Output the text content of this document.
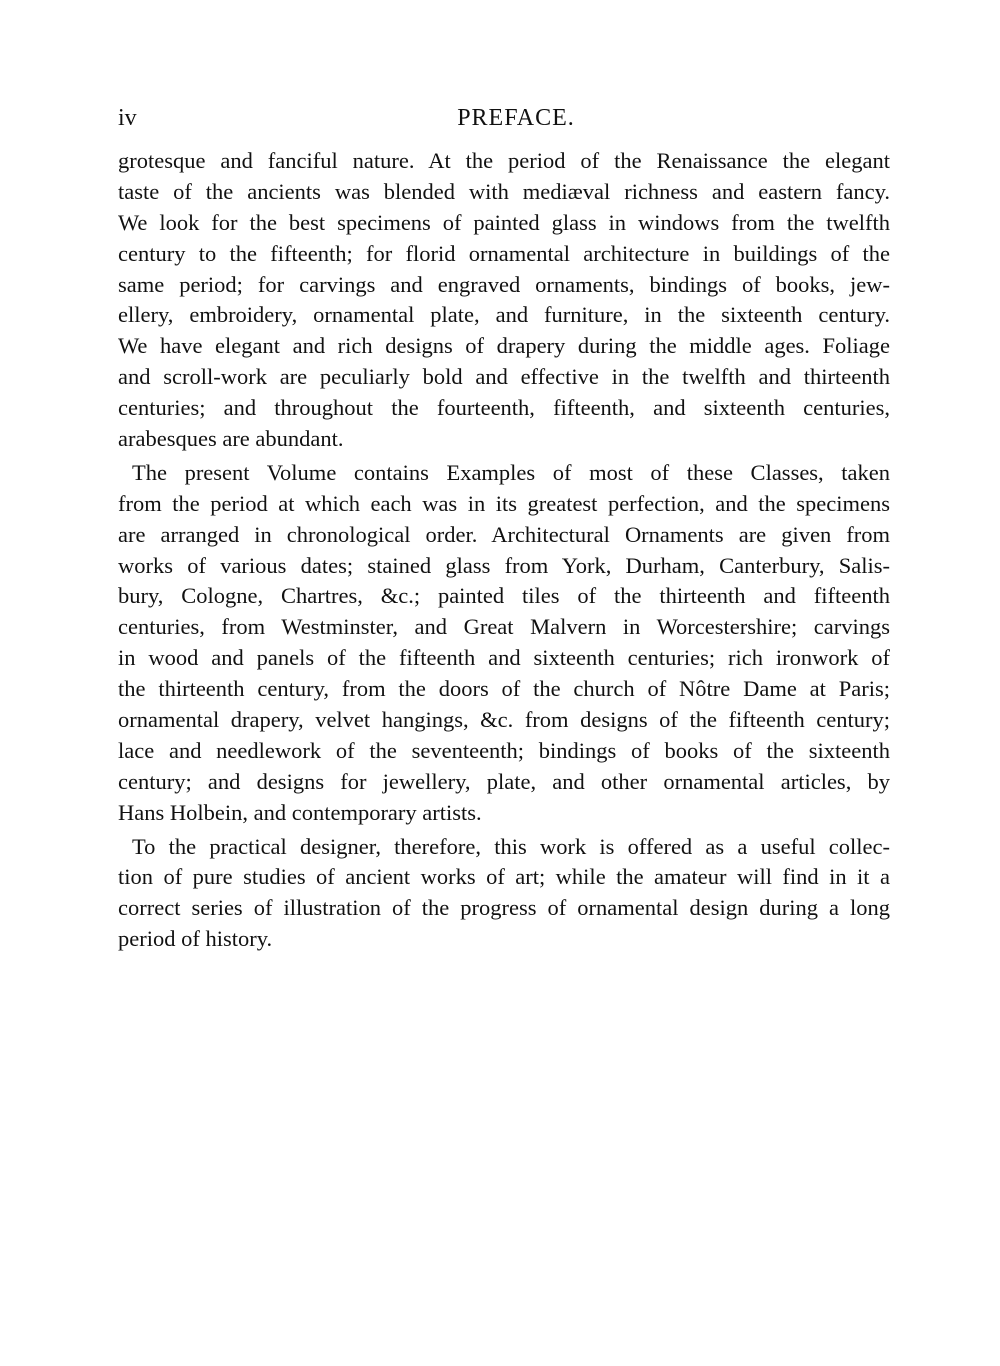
iv	PREFACE.

grotesque and fanciful nature. At the period of the Renaissance the elegant
taste of the ancients was blended with mediæval richness and eastern fancy.
We look for the best specimens of painted glass in windows from the twelfth
century to the fifteenth; for florid ornamental architecture in buildings of the
same period; for carvings and engraved ornaments, bindings of books, jew-
ellery, embroidery, ornamental plate, and furniture, in the sixteenth century.
We have elegant and rich designs of drapery during the middle ages. Foliage
and scroll-work are peculiarly bold and effective in the twelfth and thirteenth
centuries; and throughout the fourteenth, fifteenth, and sixteenth centuries,
arabesques are abundant.

The present Volume contains Examples of most of these Classes, taken
from the period at which each was in its greatest perfection, and the specimens
are arranged in chronological order. Architectural Ornaments are given from
works of various dates; stained glass from York, Durham, Canterbury, Salis-
bury, Cologne, Chartres, &c.; painted tiles of the thirteenth and fifteenth
centuries, from Westminster, and Great Malvern in Worcestershire; carvings
in wood and panels of the fifteenth and sixteenth centuries; rich ironwork of
the thirteenth century, from the doors of the church of Nôtre Dame at Paris;
ornamental drapery, velvet hangings, &c. from designs of the fifteenth century;
lace and needlework of the seventeenth; bindings of books of the sixteenth
century; and designs for jewellery, plate, and other ornamental articles, by
Hans Holbein, and contemporary artists.

To the practical designer, therefore, this work is offered as a useful collec-
tion of pure studies of ancient works of art; while the amateur will find in it a
correct series of illustration of the progress of ornamental design during a long
period of history.
